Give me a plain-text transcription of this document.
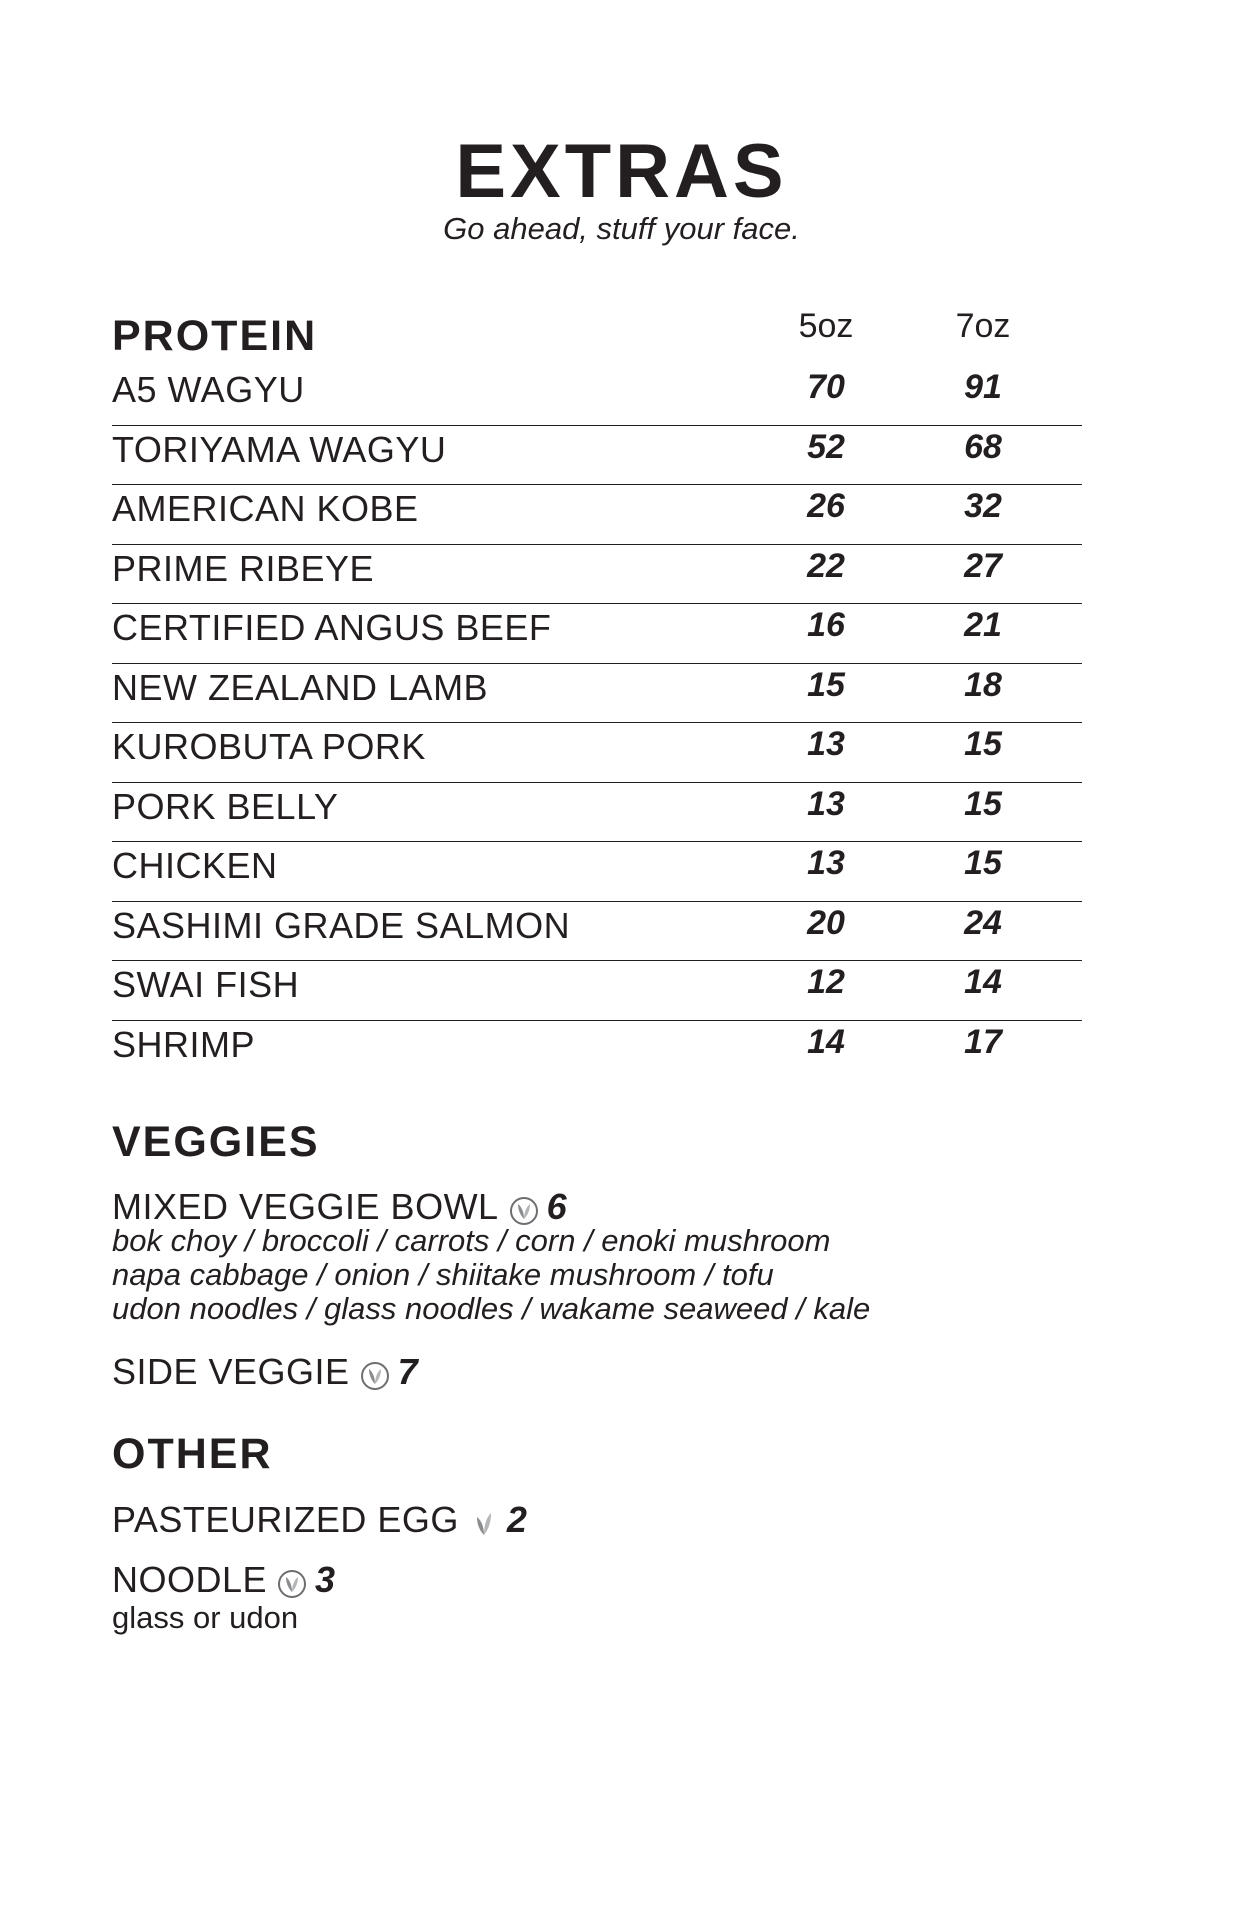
EXTRAS
Go ahead, stuff your face.
PROTEIN	5oz	7oz
A5 WAGYU	70	91
TORIYAMA WAGYU	52	68
AMERICAN KOBE	26	32
PRIME RIBEYE	22	27
CERTIFIED ANGUS BEEF	16	21
NEW ZEALAND LAMB	15	18
KUROBUTA PORK	13	15
PORK BELLY	13	15
CHICKEN	13	15
SASHIMI GRADE SALMON	20	24
SWAI FISH	12	14
SHRIMP	14	17
VEGGIES
MIXED VEGGIE BOWL 6
bok choy / broccoli / carrots / corn / enoki mushroom
napa cabbage / onion / shiitake mushroom / tofu
udon noodles / glass noodles / wakame seaweed / kale
SIDE VEGGIE 7
OTHER
PASTEURIZED EGG 2
NOODLE 3
glass or udon
